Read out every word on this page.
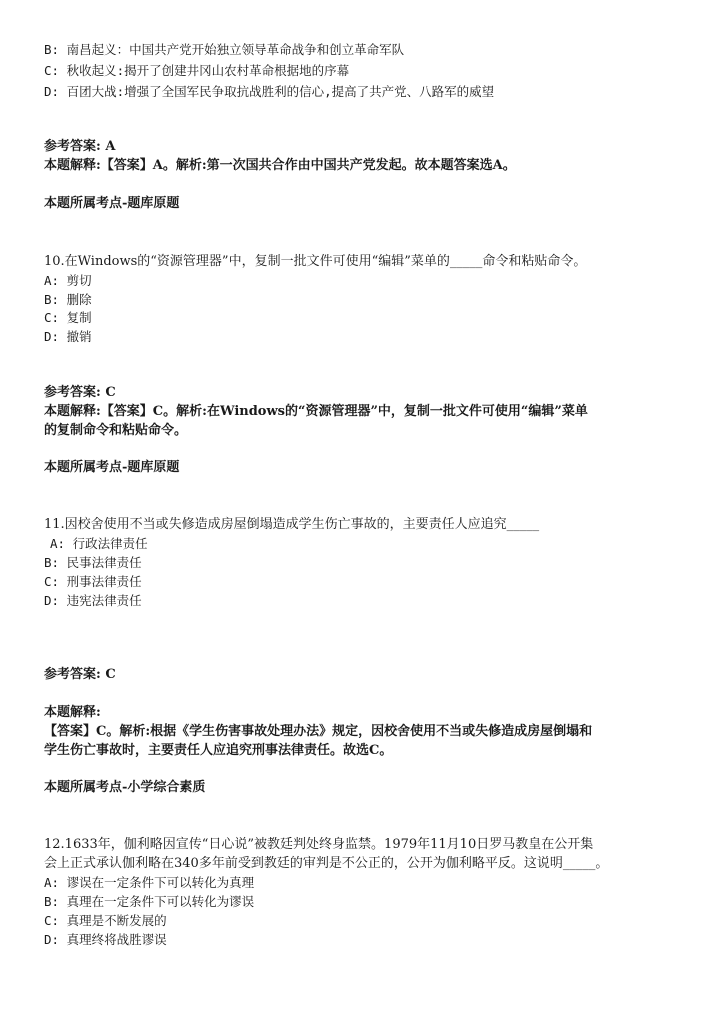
B: 南昌起义：中国共产党开始独立领导革命战争和创立革命军队
C: 秋收起义:揭开了创建井冈山农村革命根据地的序幕
D: 百团大战:增强了全国军民争取抗战胜利的信心,提高了共产党、八路军的威望
参考答案: A
本题解释:【答案】A。解析:第一次国共合作由中国共产党发起。故本题答案选A。
本题所属考点-题库原题
10.在Windows的“资源管理器”中，复制一批文件可使用“编辑”菜单的_____命令和粘贴命令。
A: 剪切
B: 删除
C: 复制
D: 撤销
参考答案: C
本题解释:【答案】C。解析:在Windows的“资源管理器”中，复制一批文件可使用“编辑”菜单
的复制命令和粘贴命令。
本题所属考点-题库原题
11.因校舍使用不当或失修造成房屋倒塌造成学生伤亡事故的，主要责任人应追究_____
A: 行政法律责任
B: 民事法律责任
C: 刑事法律责任
D: 违宪法律责任
参考答案: C
本题解释:
【答案】C。解析:根据《学生伤害事故处理办法》规定，因校舍使用不当或失修造成房屋倒塌和
学生伤亡事故时，主要责任人应追究刑事法律责任。故选C。
本题所属考点-小学综合素质
12.1633年，伽利略因宣传“日心说”被教廷判处终身监禁。1979年11月10日罗马教皇在公开集
会上正式承认伽利略在340多年前受到教廷的审判是不公正的，公开为伽利略平反。这说明_____。
A: 谬误在一定条件下可以转化为真理
B: 真理在一定条件下可以转化为谬误
C: 真理是不断发展的
D: 真理终将战胜谬误
